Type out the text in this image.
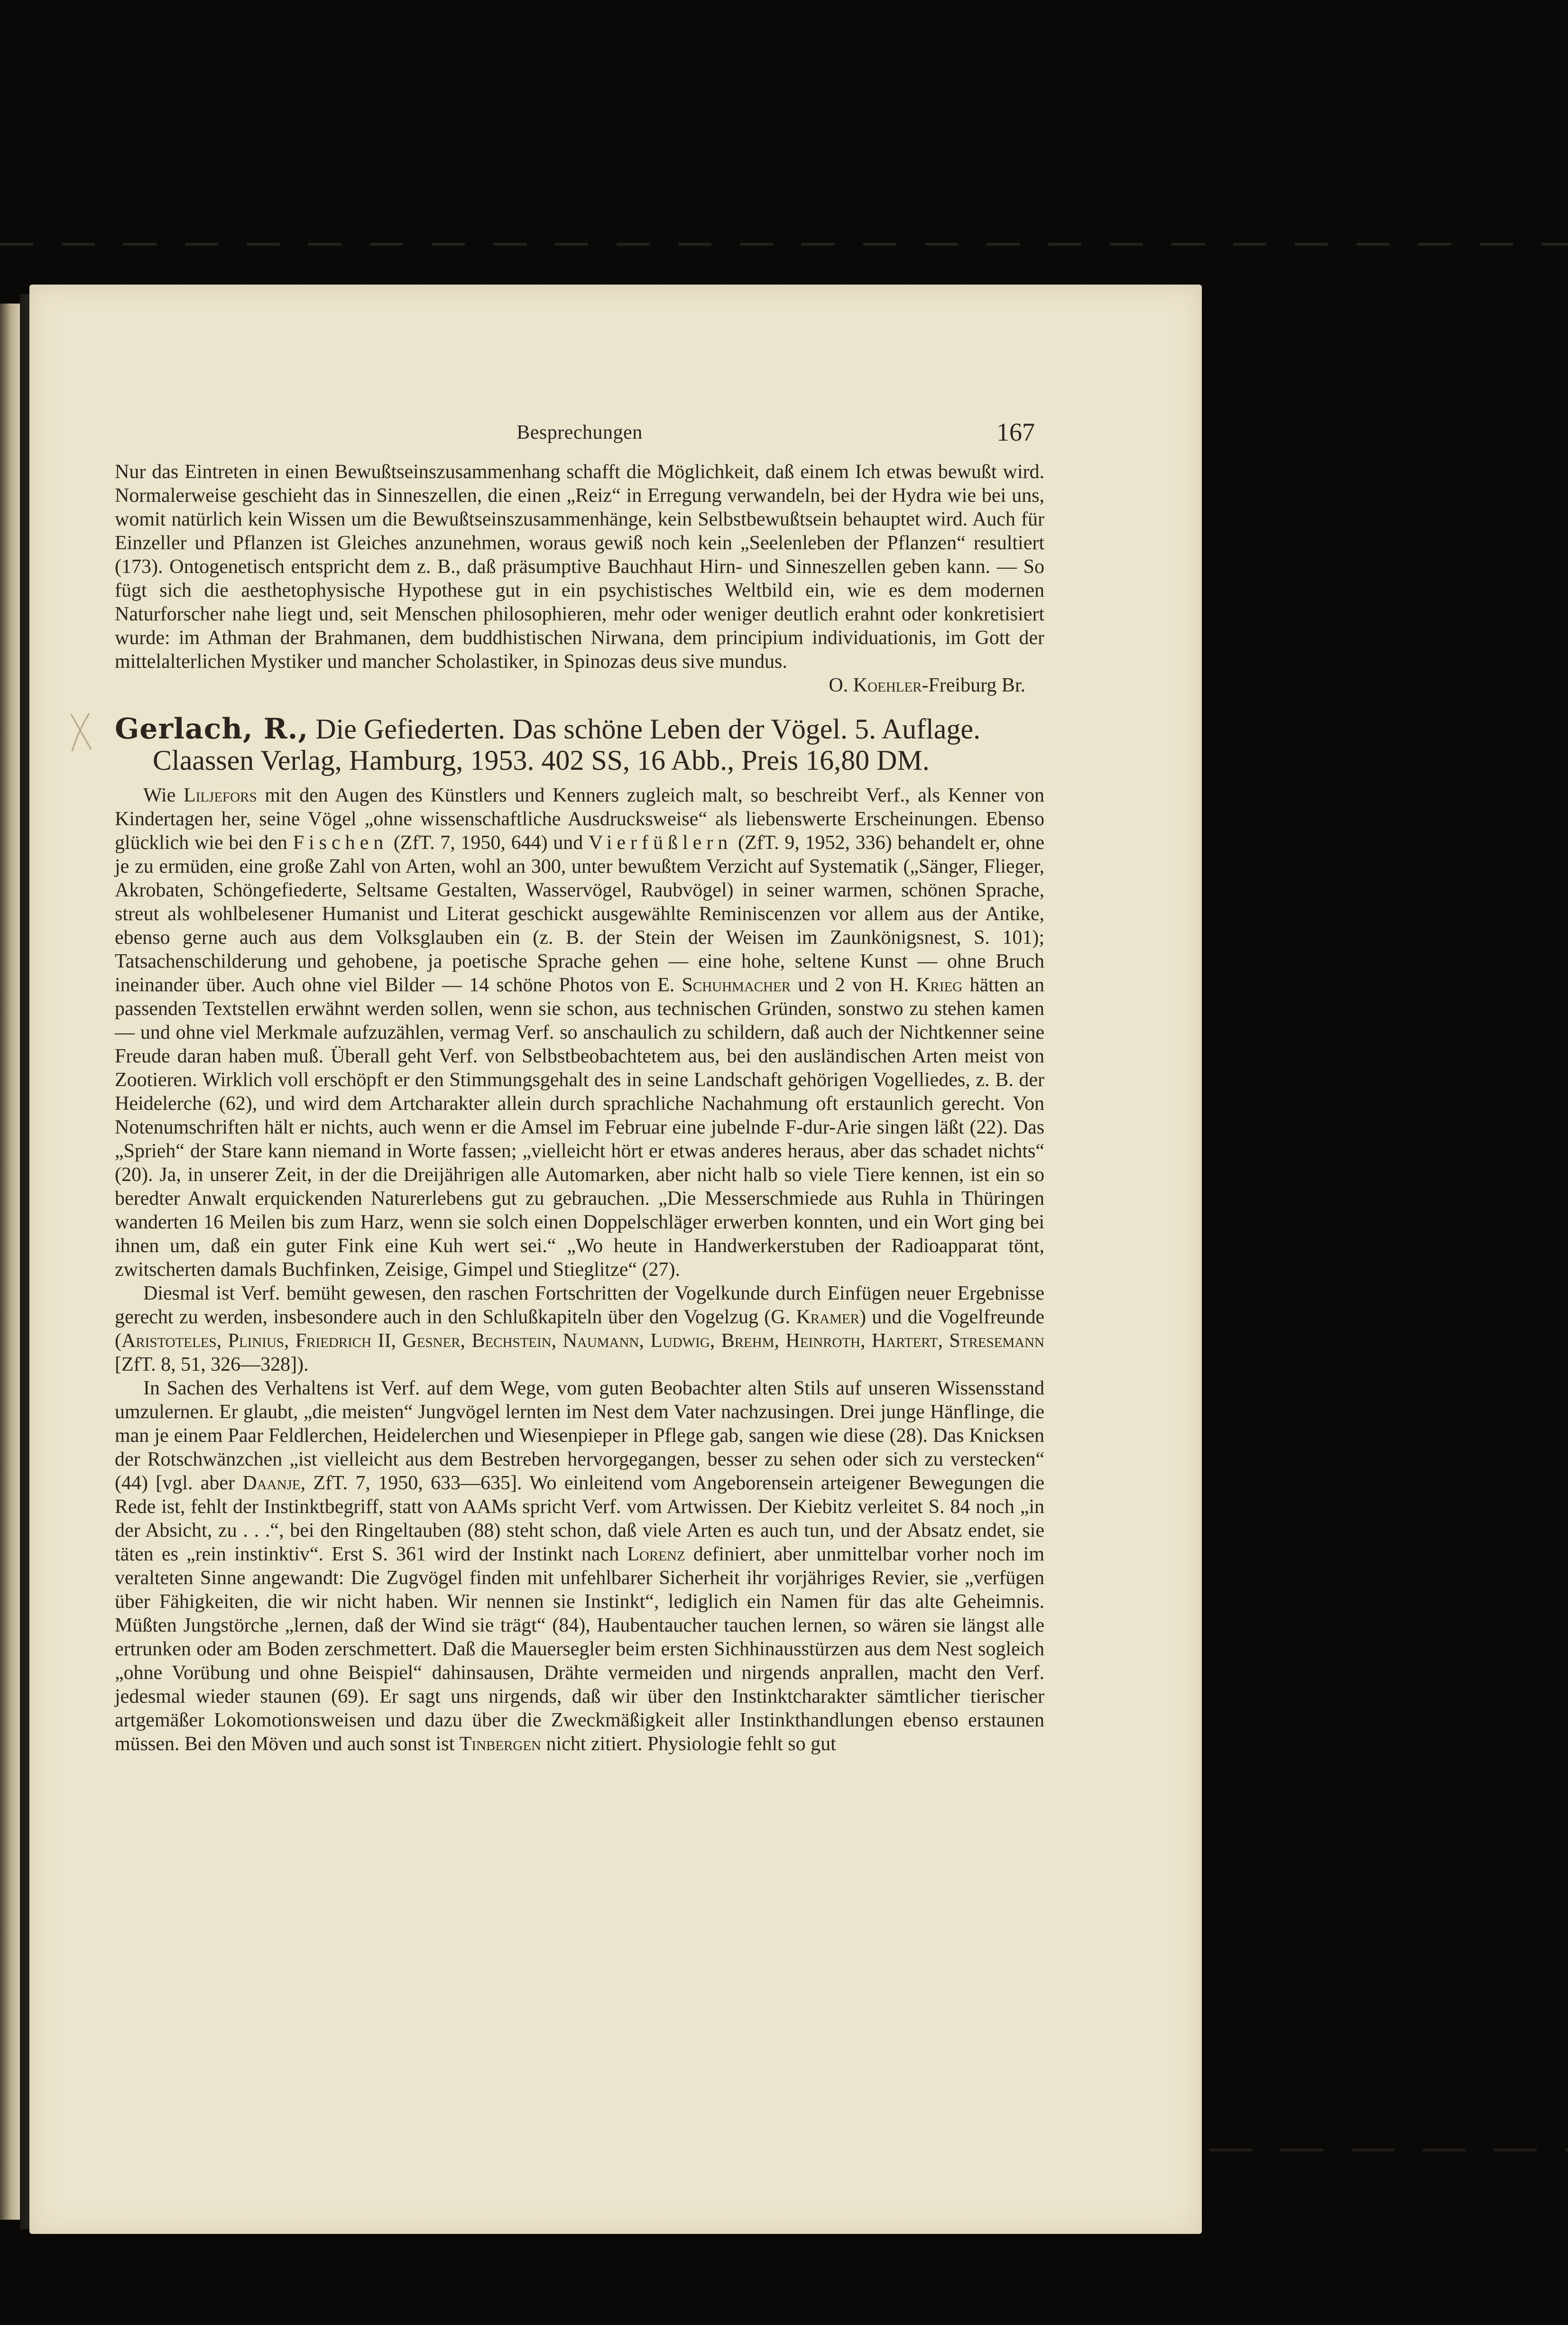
Besprechungen	167

Nur das Eintreten in einen Bewußtseinszusammenhang schafft die Möglichkeit, daß einem Ich etwas bewußt wird. Normalerweise geschieht das in Sinneszellen, die einen „Reiz“ in Erregung verwandeln, bei der Hydra wie bei uns, womit natürlich kein Wissen um die Bewußtseinszusammenhänge, kein Selbstbewußtsein behauptet wird. Auch für Einzeller und Pflanzen ist Gleiches anzunehmen, woraus gewiß noch kein „Seelenleben der Pflanzen“ resultiert (173). Ontogenetisch entspricht dem z. B., daß präsumptive Bauchhaut Hirn- und Sinneszellen geben kann. — So fügt sich die aesthetophysische Hypothese gut in ein psychistisches Weltbild ein, wie es dem modernen Naturforscher nahe liegt und, seit Menschen philosophieren, mehr oder weniger deutlich erahnt oder konkretisiert wurde: im Athman der Brahmanen, dem buddhistischen Nirwana, dem principium individuationis, im Gott der mittelalterlichen Mystiker und mancher Scholastiker, in Spinozas deus sive mundus.

O. Koehler-Freiburg Br.
Gerlach, R., Die Gefiederten. Das schöne Leben der Vögel. 5. Auflage.
Claassen Verlag, Hamburg, 1953. 402 SS, 16 Abb., Preis 16,80 DM.

Wie Liljefors mit den Augen des Künstlers und Kenners zugleich malt, so beschreibt Verf., als Kenner von Kindertagen her, seine Vögel „ohne wissenschaftliche Ausdrucksweise“ als liebenswerte Erscheinungen. Ebenso glücklich wie bei den Fischen (ZfT. 7, 1950, 644) und Vierfüßlern (ZfT. 9, 1952, 336) behandelt er, ohne je zu ermüden, eine große Zahl von Arten, wohl an 300, unter bewußtem Verzicht auf Systematik („Sänger, Flieger, Akrobaten, Schöngefiederte, Seltsame Gestalten, Wasservögel, Raubvögel) in seiner warmen, schönen Sprache, streut als wohlbelesener Humanist und Literat geschickt ausgewählte Reminiscenzen vor allem aus der Antike, ebenso gerne auch aus dem Volksglauben ein (z. B. der Stein der Weisen im Zaunkönigsnest, S. 101); Tatsachenschilderung und gehobene, ja poetische Sprache gehen — eine hohe, seltene Kunst — ohne Bruch ineinander über. Auch ohne viel Bilder — 14 schöne Photos von E. Schuhmacher und 2 von H. Krieg hätten an passenden Textstellen erwähnt werden sollen, wenn sie schon, aus technischen Gründen, sonstwo zu stehen kamen — und ohne viel Merkmale aufzuzählen, vermag Verf. so anschaulich zu schildern, daß auch der Nichtkenner seine Freude daran haben muß. Überall geht Verf. von Selbstbeobachtetem aus, bei den ausländischen Arten meist von Zootieren. Wirklich voll erschöpft er den Stimmungsgehalt des in seine Landschaft gehörigen Vogelliedes, z. B. der Heidelerche (62), und wird dem Artcharakter allein durch sprachliche Nachahmung oft erstaunlich gerecht. Von Notenumschriften hält er nichts, auch wenn er die Amsel im Februar eine jubelnde F-dur-Arie singen läßt (22). Das „Sprieh“ der Stare kann niemand in Worte fassen; „vielleicht hört er etwas anderes heraus, aber das schadet nichts“ (20). Ja, in unserer Zeit, in der die Dreijährigen alle Automarken, aber nicht halb so viele Tiere kennen, ist ein so beredter Anwalt erquickenden Naturerlebens gut zu gebrauchen. „Die Messerschmiede aus Ruhla in Thüringen wanderten 16 Meilen bis zum Harz, wenn sie solch einen Doppelschläger erwerben konnten, und ein Wort ging bei ihnen um, daß ein guter Fink eine Kuh wert sei.“ „Wo heute in Handwerkerstuben der Radioapparat tönt, zwitscherten damals Buchfinken, Zeisige, Gimpel und Stieglitze“ (27).

Diesmal ist Verf. bemüht gewesen, den raschen Fortschritten der Vogelkunde durch Einfügen neuer Ergebnisse gerecht zu werden, insbesondere auch in den Schlußkapiteln über den Vogelzug (G. Kramer) und die Vogelfreunde (Aristoteles, Plinius, Friedrich II, Gesner, Bechstein, Naumann, Ludwig, Brehm, Heinroth, Hartert, Stresemann [ZfT. 8, 51, 326—328]).

In Sachen des Verhaltens ist Verf. auf dem Wege, vom guten Beobachter alten Stils auf unseren Wissensstand umzulernen. Er glaubt, „die meisten“ Jungvögel lernten im Nest dem Vater nachzusingen. Drei junge Hänflinge, die man je einem Paar Feldlerchen, Heidelerchen und Wiesenpieper in Pflege gab, sangen wie diese (28). Das Knicksen der Rotschwänzchen „ist vielleicht aus dem Bestreben hervorgegangen, besser zu sehen oder sich zu verstecken“ (44) [vgl. aber Daanje, ZfT. 7, 1950, 633—635]. Wo einleitend vom Angeborensein arteigener Bewegungen die Rede ist, fehlt der Instinktbegriff, statt von AAMs spricht Verf. vom Artwissen. Der Kiebitz verleitet S. 84 noch „in der Absicht, zu . . .“, bei den Ringeltauben (88) steht schon, daß viele Arten es auch tun, und der Absatz endet, sie täten es „rein instinktiv“. Erst S. 361 wird der Instinkt nach Lorenz definiert, aber unmittelbar vorher noch im veralteten Sinne angewandt: Die Zugvögel finden mit unfehlbarer Sicherheit ihr vorjähriges Revier, sie „verfügen über Fähigkeiten, die wir nicht haben. Wir nennen sie Instinkt“, lediglich ein Namen für das alte Geheimnis. Müßten Jungstörche „lernen, daß der Wind sie trägt“ (84), Haubentaucher tauchen lernen, so wären sie längst alle ertrunken oder am Boden zerschmettert. Daß die Mauersegler beim ersten Sichhinausstürzen aus dem Nest sogleich „ohne Vorübung und ohne Beispiel“ dahinsausen, Drähte vermeiden und nirgends anprallen, macht den Verf. jedesmal wieder staunen (69). Er sagt uns nirgends, daß wir über den Instinktcharakter sämtlicher tierischer artgemäßer Lokomotionsweisen und dazu über die Zweckmäßigkeit aller Instinkthandlungen ebenso erstaunen müssen. Bei den Möven und auch sonst ist Tinbergen nicht zitiert. Physiologie fehlt so gut
